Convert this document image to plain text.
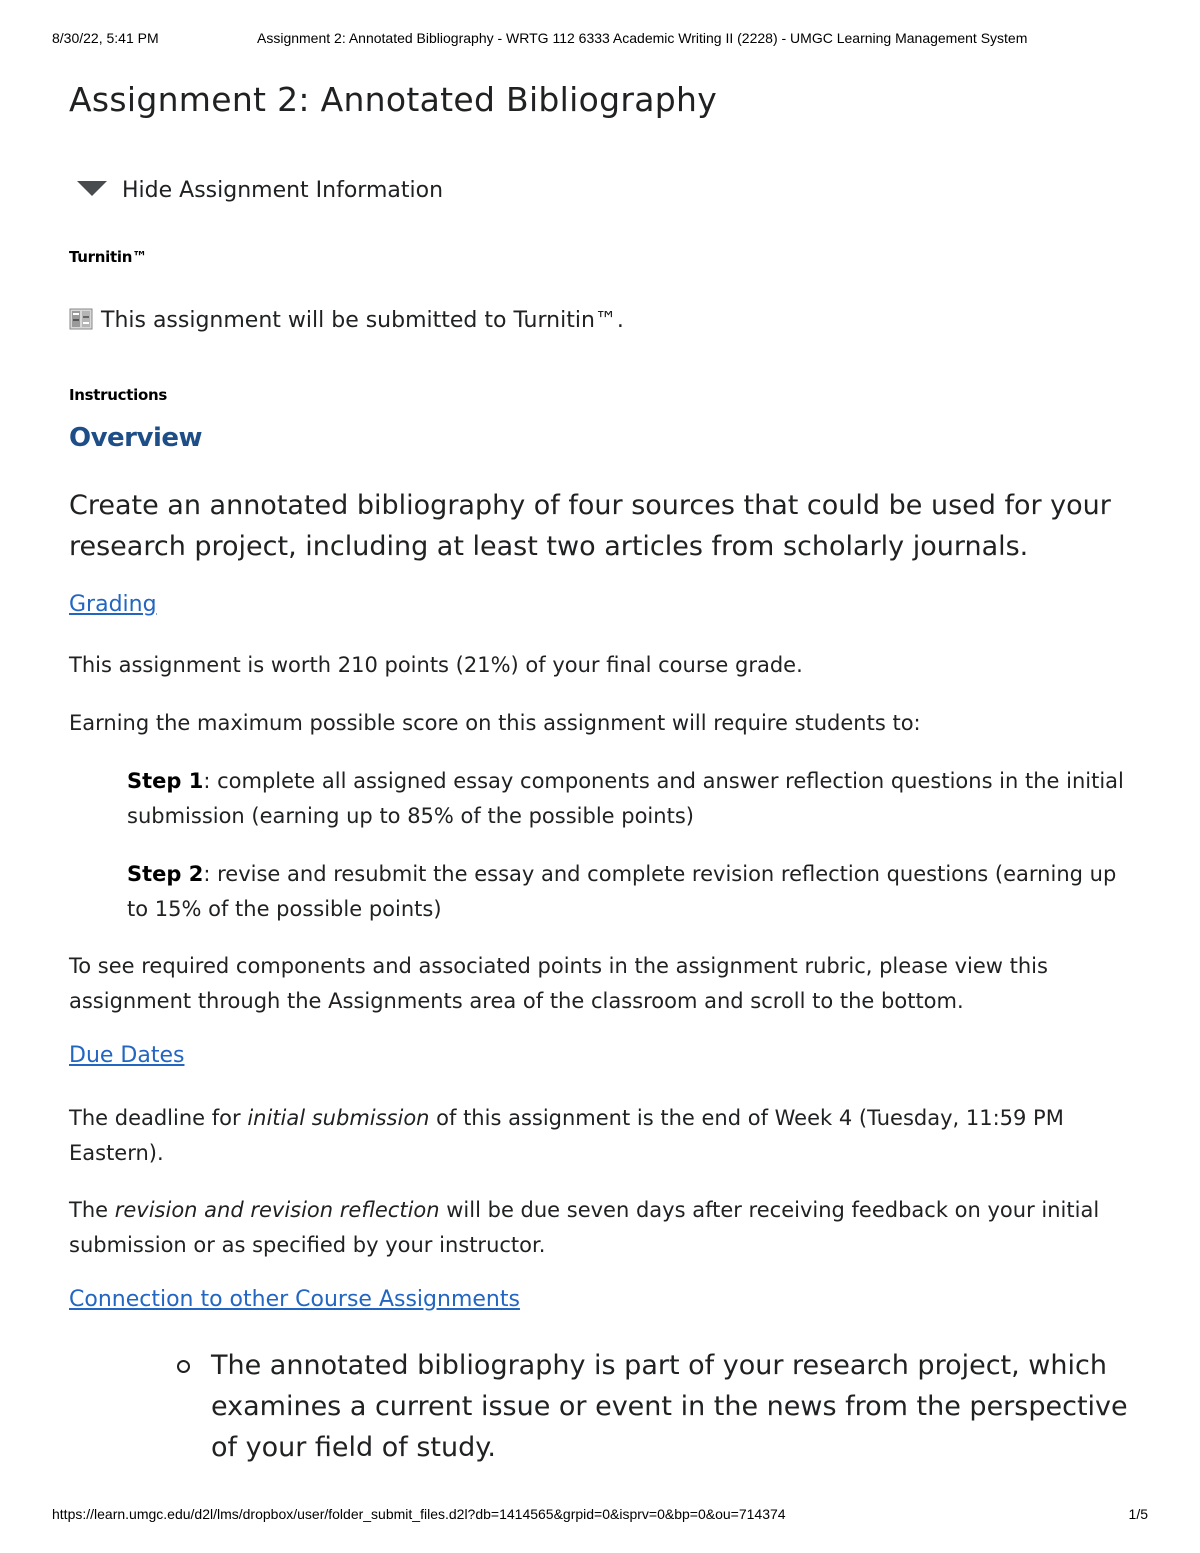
8/30/22, 5:41 PM	Assignment 2: Annotated Bibliography - WRTG 112 6333 Academic Writing II (2228) - UMGC Learning Management System
Assignment 2: Annotated Bibliography
Hide Assignment Information
Turnitin™
This assignment will be submitted to Turnitin™.
Instructions
Overview
Create an annotated bibliography of four sources that could be used for your research project, including at least two articles from scholarly journals.
Grading
This assignment is worth 210 points (21%) of your final course grade.
Earning the maximum possible score on this assignment will require students to:
Step 1: complete all assigned essay components and answer reflection questions in the initial submission (earning up to 85% of the possible points)
Step 2: revise and resubmit the essay and complete revision reflection questions (earning up to 15% of the possible points)
To see required components and associated points in the assignment rubric, please view this assignment through the Assignments area of the classroom and scroll to the bottom.
Due Dates
The deadline for initial submission of this assignment is the end of Week 4 (Tuesday, 11:59 PM Eastern).
The revision and revision reflection will be due seven days after receiving feedback on your initial submission or as specified by your instructor.
Connection to other Course Assignments
The annotated bibliography is part of your research project, which examines a current issue or event in the news from the perspective of your field of study.
https://learn.umgc.edu/d2l/lms/dropbox/user/folder_submit_files.d2l?db=1414565&grpid=0&isprv=0&bp=0&ou=714374	1/5
